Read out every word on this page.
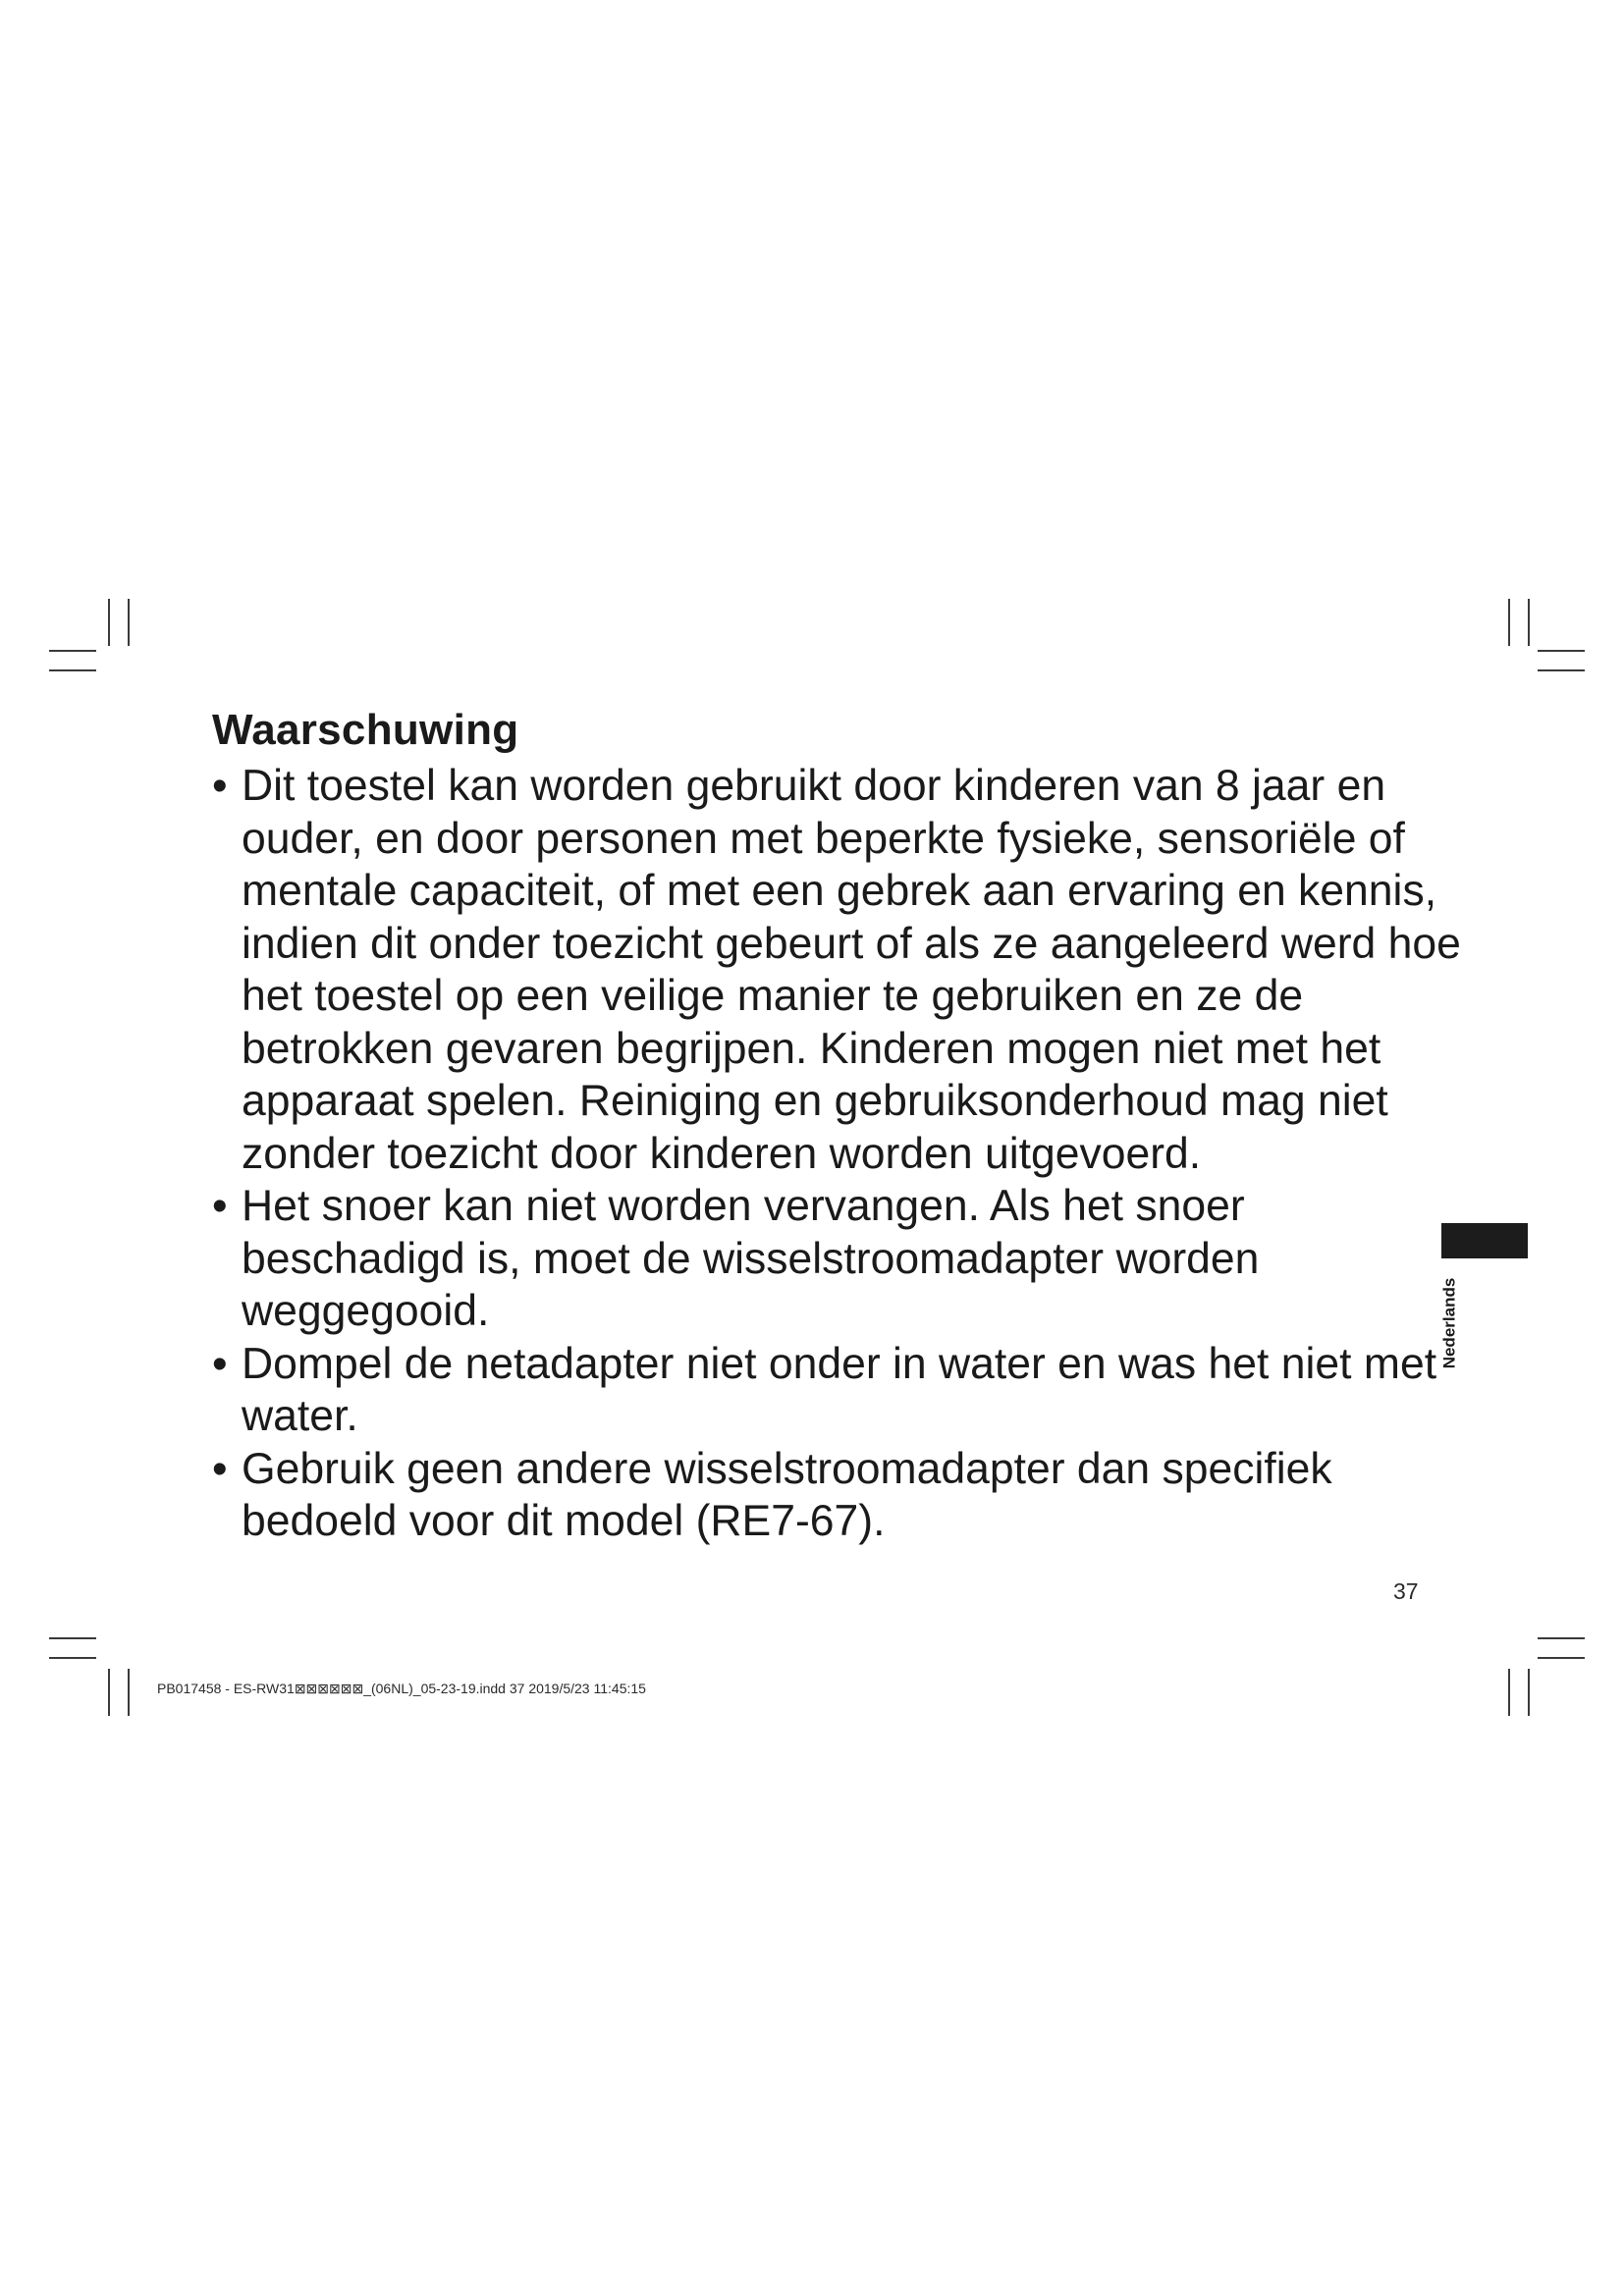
Waarschuwing
• Dit toestel kan worden gebruikt door kinderen van 8 jaar en ouder, en door personen met beperkte fysieke, sensoriële of mentale capaciteit, of met een gebrek aan ervaring en kennis, indien dit onder toezicht gebeurt of als ze aangeleerd werd hoe het toestel op een veilige manier te gebruiken en ze de betrokken gevaren begrijpen. Kinderen mogen niet met het apparaat spelen. Reiniging en gebruiksonderhoud mag niet zonder toezicht door kinderen worden uitgevoerd.
• Het snoer kan niet worden vervangen. Als het snoer beschadigd is, moet de wisselstroomadapter worden weggegooid.
• Dompel de netadapter niet onder in water en was het niet met water.
• Gebruik geen andere wisselstroomadapter dan specifiek bedoeld voor dit model (RE7-67).
Nederlands
37
PB017458 - ES-RW31⊠⊠⊠⊠⊠⊠_(06NL)_05-23-19.indd 37 2019/5/23 11:45:15
